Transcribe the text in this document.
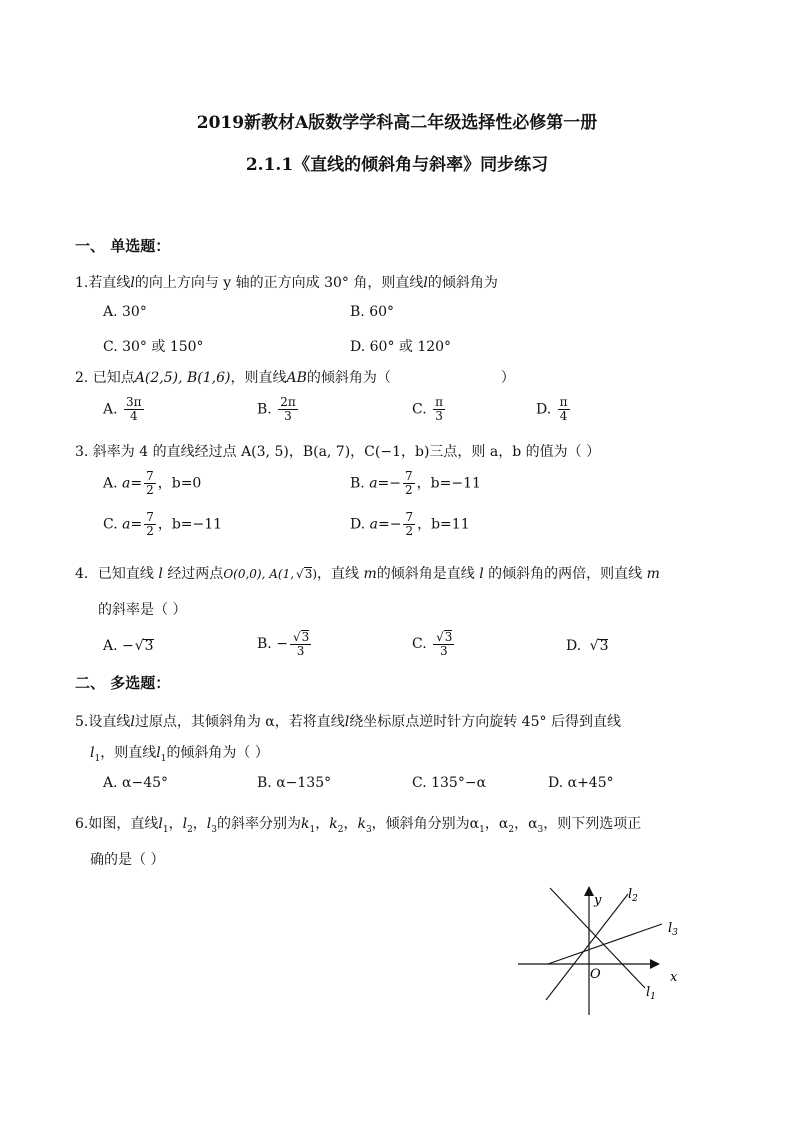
2019新教材A版数学学科高二年级选择性必修第一册
2.1.1《直线的倾斜角与斜率》同步练习
一、 单选题：
1.若直线l的向上方向与 y 轴的正方向成 30° 角，则直线l的倾斜角为
A. 30°	B. 60°
C. 30° 或 150°	D. 60° 或 120°
2. 已知点A(2,5), B(1,6)，则直线AB的倾斜角为（	）
A. $\frac{3\pi}{4}$	B. $\frac{2\pi}{3}$	C. $\frac{\pi}{3}$	D. $\frac{\pi}{4}$
3. 斜率为 4 的直线经过点 A(3, 5)，B(a, 7)，C(−1，b)三点，则 a，b 的值为（ ）
A. $a= \frac{7}{2}$ ，b=0	B. $a=- \frac{7}{2}$ ，b=−11
C. $a= \frac{7}{2}$ ，b=−11	D. $a=- \frac{7}{2}$ ，b=11
4．已知直线 l 经过两点O(0,0), A(1, √ 3)，直线 m的倾斜角是直线 l 的倾斜角的两倍，则直线 m
的斜率是（ ）
A. − √ 3	B. − √ $\frac{3}{3}$	C. √ $\frac{3}{3}$	D. √ 3
二、 多选题：
5.设直线l过原点，其倾斜角为 α，若将直线l绕坐标原点逆时针方向旋转 45° 后得到直线
$l_1$，则直线$l_1$的倾斜角为（ ）
A. α−45°	B. α−135°	C. 135°−α	D. α+45°
6.如图，直线$l_1$，$l_2$，$l_3$的斜率分别为$k_1$，$k_2$，$k_3$，倾斜角分别为$\alpha_1$，$\alpha_2$，$\alpha_3$，则下列选项正
确的是（ ）
y
x
O
$l_2$
$l_3$
$l_1$
